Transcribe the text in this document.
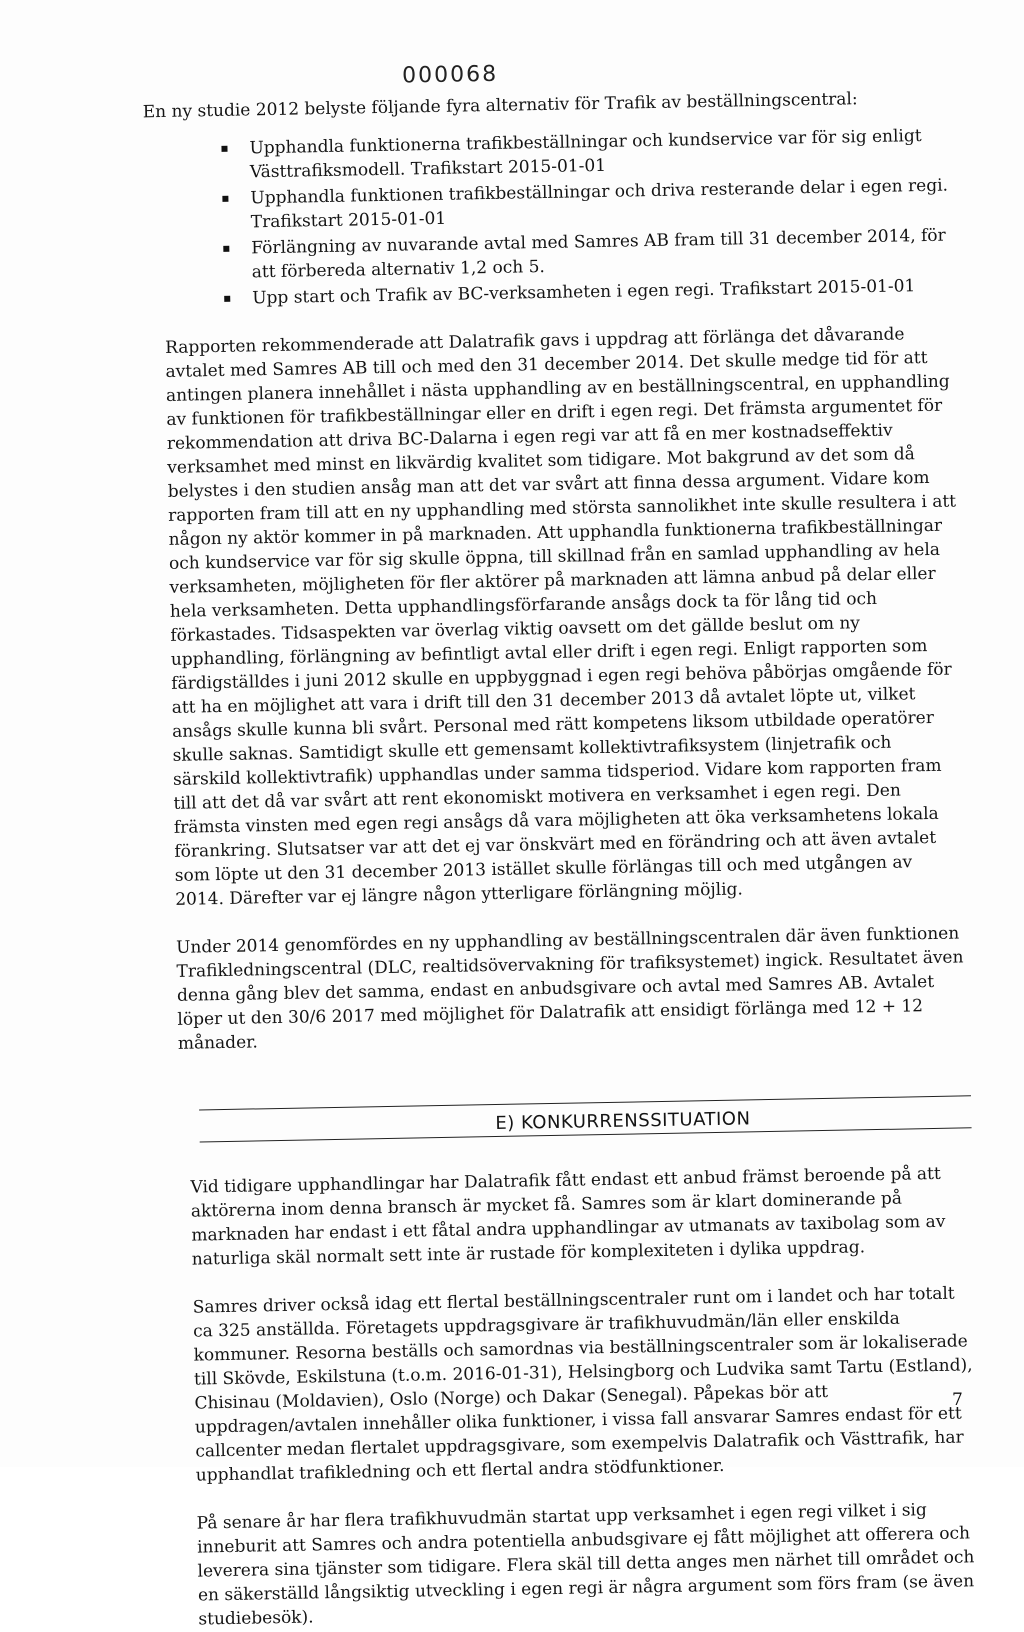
000068
En ny studie 2012 belyste följande fyra alternativ för Trafik av beställningscentral:
Upphandla funktionerna trafikbeställningar och kundservice var för sig enligt Västtrafiksmodell. Trafikstart 2015-01-01
Upphandla funktionen trafikbeställningar och driva resterande delar i egen regi. Trafikstart 2015-01-01
Förlängning av nuvarande avtal med Samres AB fram till 31 december 2014, för att förbereda alternativ 1,2 och 5.
Upp start och Trafik av BC-verksamheten i egen regi. Trafikstart 2015-01-01

Rapporten rekommenderade att Dalatrafik gavs i uppdrag att förlänga det dåvarande avtalet med Samres AB till och med den 31 december 2014. Det skulle medge tid för att antingen planera innehållet i nästa upphandling av en beställningscentral, en upphandling av funktionen för trafikbeställningar eller en drift i egen regi. Det främsta argumentet för rekommendation att driva BC-Dalarna i egen regi var att få en mer kostnadseffektiv verksamhet med minst en likvärdig kvalitet som tidigare. Mot bakgrund av det som då belystes i den studien ansåg man att det var svårt att finna dessa argument. Vidare kom rapporten fram till att en ny upphandling med största sannolikhet inte skulle resultera i att någon ny aktör kommer in på marknaden. Att upphandla funktionerna trafikbeställningar och kundservice var för sig skulle öppna, till skillnad från en samlad upphandling av hela verksamheten, möjligheten för fler aktörer på marknaden att lämna anbud på delar eller hela verksamheten. Detta upphandlingsförfarande ansågs dock ta för lång tid och förkastades. Tidsaspekten var överlag viktig oavsett om det gällde beslut om ny upphandling, förlängning av befintligt avtal eller drift i egen regi. Enligt rapporten som färdigställdes i juni 2012 skulle en uppbyggnad i egen regi behöva påbörjas omgående för att ha en möjlighet att vara i drift till den 31 december 2013 då avtalet löpte ut, vilket ansågs skulle kunna bli svårt. Personal med rätt kompetens liksom utbildade operatörer skulle saknas. Samtidigt skulle ett gemensamt kollektivtrafiksystem (linjetrafik och särskild kollektivtrafik) upphandlas under samma tidsperiod. Vidare kom rapporten fram till att det då var svårt att rent ekonomiskt motivera en verksamhet i egen regi. Den främsta vinsten med egen regi ansågs då vara möjligheten att öka verksamhetens lokala förankring. Slutsatser var att det ej var önskvärt med en förändring och att även avtalet som löpte ut den 31 december 2013 istället skulle förlängas till och med utgången av 2014. Därefter var ej längre någon ytterligare förlängning möjlig.

Under 2014 genomfördes en ny upphandling av beställningscentralen där även funktionen Trafikledningscentral (DLC, realtidsövervakning för trafiksystemet) ingick. Resultatet även denna gång blev det samma, endast en anbudsgivare och avtal med Samres AB. Avtalet löper ut den 30/6 2017 med möjlighet för Dalatrafik att ensidigt förlänga med 12 + 12 månader.

E) KONKURRENSSITUATION

Vid tidigare upphandlingar har Dalatrafik fått endast ett anbud främst beroende på att aktörerna inom denna bransch är mycket få. Samres som är klart dominerande på marknaden har endast i ett fåtal andra upphandlingar av utmanats av taxibolag som av naturliga skäl normalt sett inte är rustade för komplexiteten i dylika uppdrag.

Samres driver också idag ett flertal beställningscentraler runt om i landet och har totalt ca 325 anställda. Företagets uppdragsgivare är trafikhuvudmän/län eller enskilda kommuner. Resorna beställs och samordnas via beställningscentraler som är lokaliserade till Skövde, Eskilstuna (t.o.m. 2016-01-31), Helsingborg och Ludvika samt Tartu (Estland), Chisinau (Moldavien), Oslo (Norge) och Dakar (Senegal). Påpekas bör att uppdragen/avtalen innehåller olika funktioner, i vissa fall ansvarar Samres endast för ett callcenter medan flertalet uppdragsgivare, som exempelvis Dalatrafik och Västtrafik, har upphandlat trafikledning och ett flertal andra stödfunktioner.

På senare år har flera trafikhuvudmän startat upp verksamhet i egen regi vilket i sig inneburit att Samres och andra potentiella anbudsgivare ej fått möjlighet att offerera och leverera sina tjänster som tidigare. Flera skäl till detta anges men närhet till området och en säkerställd långsiktig utveckling i egen regi är några argument som förs fram (se även studiebesök).

7
